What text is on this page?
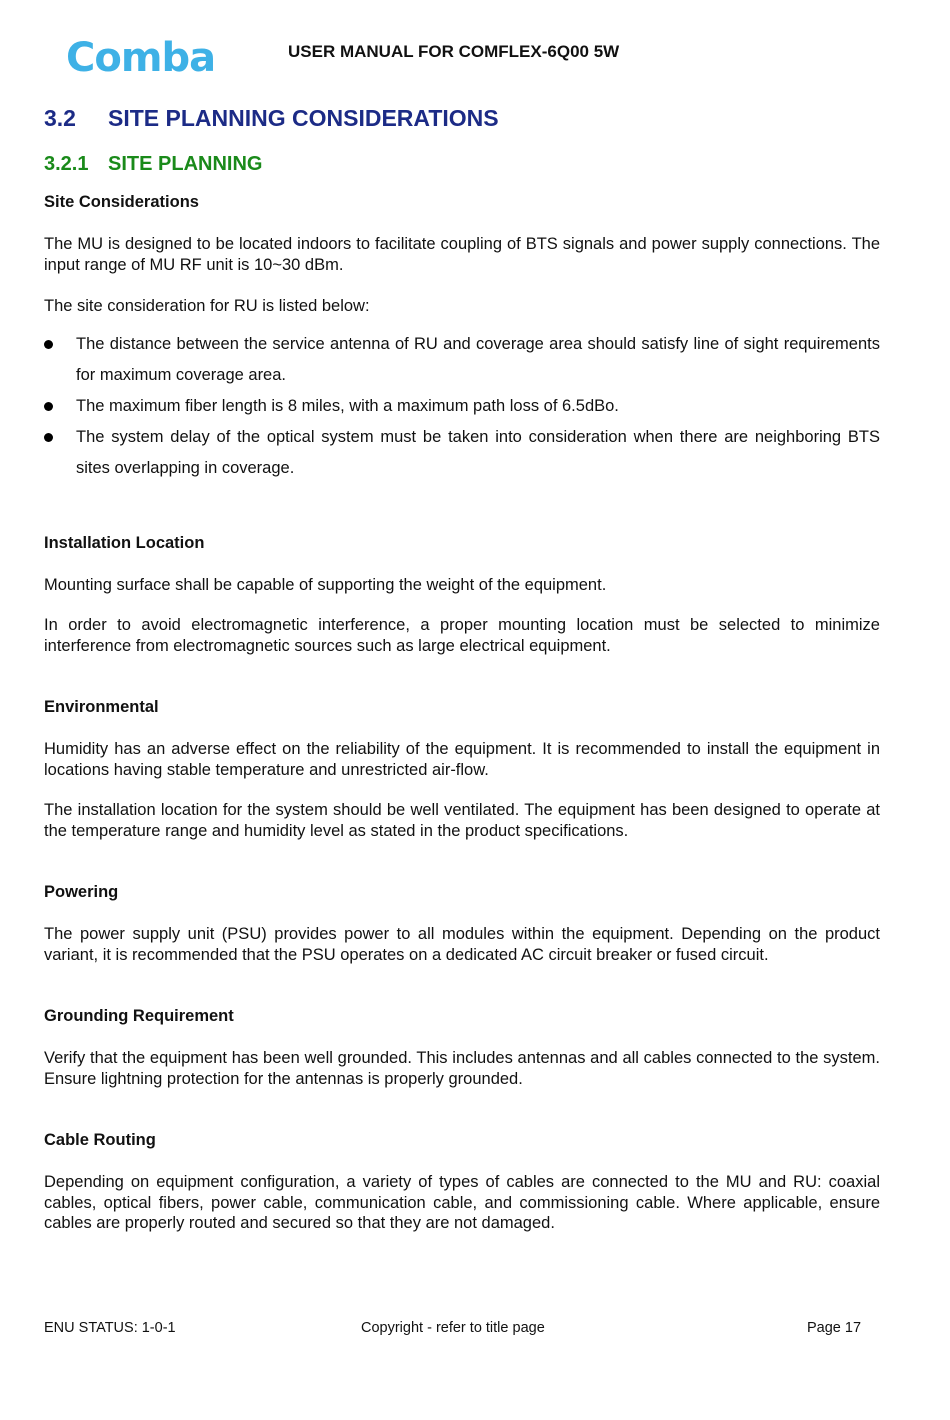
Comba	USER MANUAL FOR COMFLEX-6Q00 5W
3.2 SITE PLANNING CONSIDERATIONS
3.2.1 SITE PLANNING
Site Considerations

The MU is designed to be located indoors to facilitate coupling of BTS signals and power supply connections. The input range of MU RF unit is 10~30 dBm.

The site consideration for RU is listed below:

The distance between the service antenna of RU and coverage area should satisfy line of sight requirements for maximum coverage area.
The maximum fiber length is 8 miles, with a maximum path loss of 6.5dBo.
The system delay of the optical system must be taken into consideration when there are neighboring BTS sites overlapping in coverage.
Installation Location

Mounting surface shall be capable of supporting the weight of the equipment.

In order to avoid electromagnetic interference, a proper mounting location must be selected to minimize interference from electromagnetic sources such as large electrical equipment.

Environmental

Humidity has an adverse effect on the reliability of the equipment. It is recommended to install the equipment in locations having stable temperature and unrestricted air-flow.

The installation location for the system should be well ventilated. The equipment has been designed to operate at the temperature range and humidity level as stated in the product specifications.

Powering

The power supply unit (PSU) provides power to all modules within the equipment. Depending on the product variant, it is recommended that the PSU operates on a dedicated AC circuit breaker or fused circuit.

Grounding Requirement

Verify that the equipment has been well grounded. This includes antennas and all cables connected to the system. Ensure lightning protection for the antennas is properly grounded.

Cable Routing

Depending on equipment configuration, a variety of types of cables are connected to the MU and RU: coaxial cables, optical fibers, power cable, communication cable, and commissioning cable. Where applicable, ensure cables are properly routed and secured so that they are not damaged.

ENU STATUS: 1-0-1	Copyright - refer to title page	Page 17
